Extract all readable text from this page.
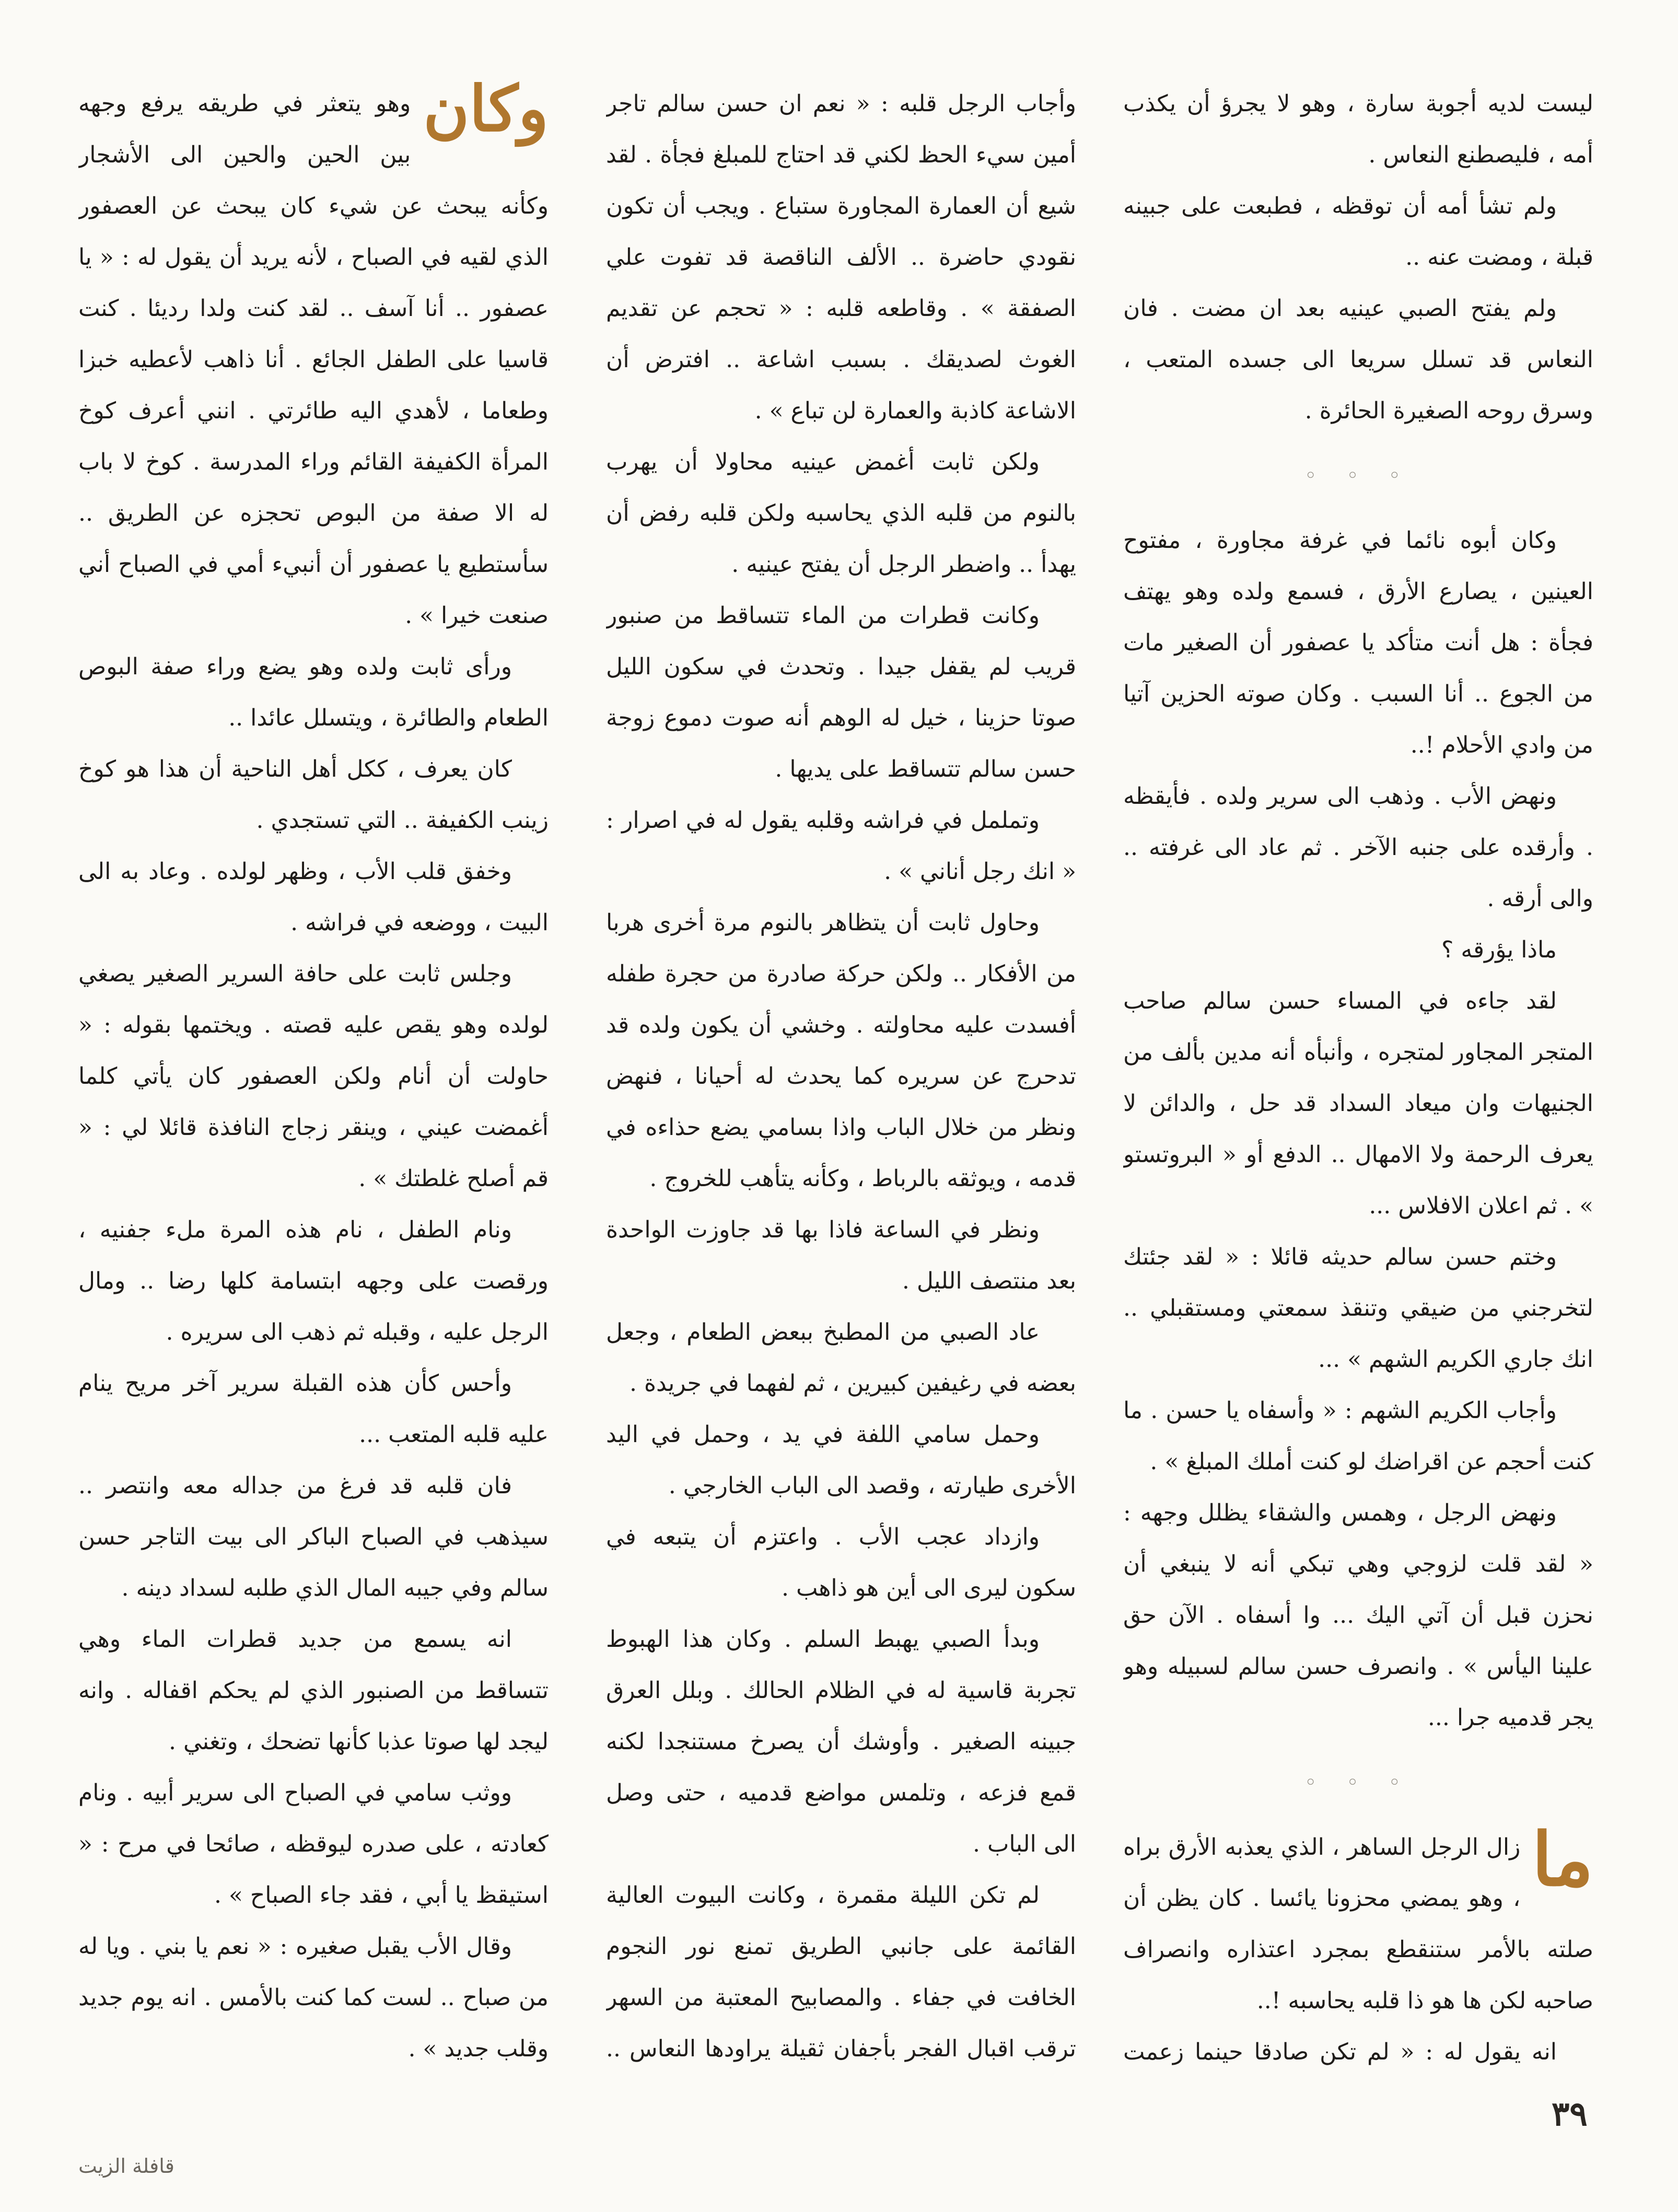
ليست لديه أجوبة سارة ، وهو لا يجرؤ أن يكذب أمه ، فليصطنع النعاس .

ولم تشأ أمه أن توقظه ، فطبعت على جبينه قبلة ، ومضت عنه ..

ولم يفتح الصبي عينيه بعد ان مضت . فان النعاس قد تسلل سريعا الى جسده المتعب ، وسرق روحه الصغيرة الحائرة .

◦ ◦ ◦

وكان أبوه نائما في غرفة مجاورة ، مفتوح العينين ، يصارع الأرق ، فسمع ولده وهو يهتف فجأة : هل أنت متأكد يا عصفور أن الصغير مات من الجوع .. أنا السبب . وكان صوته الحزين آتيا من وادي الأحلام !..

ونهض الأب . وذهب الى سرير ولده . فأيقظه . وأرقده على جنبه الآخر . ثم عاد الى غرفته .. والى أرقه .

ماذا يؤرقه ؟

لقد جاءه في المساء حسن سالم صاحب المتجر المجاور لمتجره ، وأنبأه أنه مدين بألف من الجنيهات وان ميعاد السداد قد حل ، والدائن لا يعرف الرحمة ولا الامهال .. الدفع أو « البروتستو » . ثم اعلان الافلاس ...

وختم حسن سالم حديثه قائلا : « لقد جئتك لتخرجني من ضيقي وتنقذ سمعتي ومستقبلي .. انك جاري الكريم الشهم » ...

وأجاب الكريم الشهم : « وأسفاه يا حسن . ما كنت أحجم عن اقراضك لو كنت أملك المبلغ » .

ونهض الرجل ، وهمس والشقاء يظلل وجهه : « لقد قلت لزوجي وهي تبكي أنه لا ينبغي أن نحزن قبل أن آتي اليك ... وا أسفاه . الآن حق علينا اليأس » . وانصرف حسن سالم لسبيله وهو يجر قدميه جرا ...

◦ ◦ ◦

ما
زال الرجل الساهر ، الذي يعذبه الأرق براه ، وهو يمضي محزونا يائسا . كان يظن أن صلته بالأمر ستنقطع بمجرد اعتذاره وانصراف صاحبه لكن ها هو ذا قلبه يحاسبه !..

انه يقول له : « لم تكن صادقا حينما زعمت

وأجاب الرجل قلبه : « نعم ان حسن سالم تاجر أمين سيء الحظ لكني قد احتاج للمبلغ فجأة . لقد شيع أن العمارة المجاورة ستباع . ويجب أن تكون نقودي حاضرة .. الألف الناقصة قد تفوت علي الصفقة » . وقاطعه قلبه : « تحجم عن تقديم الغوث لصديقك . بسبب اشاعة .. افترض أن الاشاعة كاذبة والعمارة لن تباع » .

ولكن ثابت أغمض عينيه محاولا أن يهرب بالنوم من قلبه الذي يحاسبه ولكن قلبه رفض أن يهدأ .. واضطر الرجل أن يفتح عينيه .

وكانت قطرات من الماء تتساقط من صنبور قريب لم يقفل جيدا . وتحدث في سكون الليل صوتا حزينا ، خيل له الوهم أنه صوت دموع زوجة حسن سالم تتساقط على يديها .

وتململ في فراشه وقلبه يقول له في اصرار : « انك رجل أناني » .

وحاول ثابت أن يتظاهر بالنوم مرة أخرى هربا من الأفكار .. ولكن حركة صادرة من حجرة طفله أفسدت عليه محاولته . وخشي أن يكون ولده قد تدحرج عن سريره كما يحدث له أحيانا ، فنهض ونظر من خلال الباب واذا بسامي يضع حذاءه في قدمه ، ويوثقه بالرباط ، وكأنه يتأهب للخروج .

ونظر في الساعة فاذا بها قد جاوزت الواحدة بعد منتصف الليل .

عاد الصبي من المطبخ ببعض الطعام ، وجعل بعضه في رغيفين كبيرين ، ثم لفهما في جريدة .

وحمل سامي اللفة في يد ، وحمل في اليد الأخرى طيارته ، وقصد الى الباب الخارجي .

وازداد عجب الأب . واعتزم أن يتبعه في سكون ليرى الى أين هو ذاهب .

وبدأ الصبي يهبط السلم . وكان هذا الهبوط تجربة قاسية له في الظلام الحالك . وبلل العرق جبينه الصغير . وأوشك أن يصرخ مستنجدا لكنه قمع فزعه ، وتلمس مواضع قدميه ، حتى وصل الى الباب .

لم تكن الليلة مقمرة ، وكانت البيوت العالية القائمة على جانبي الطريق تمنع نور النجوم الخافت في جفاء . والمصابيح المعتبة من السهر ترقب اقبال الفجر بأجفان ثقيلة يراودها النعاس ..

وكان
وهو يتعثر في طريقه يرفع وجهه بين الحين والحين الى الأشجار وكأنه يبحث عن شيء كان يبحث عن العصفور الذي لقيه في الصباح ، لأنه يريد أن يقول له : « يا عصفور .. أنا آسف .. لقد كنت ولدا رديئا . كنت قاسيا على الطفل الجائع . أنا ذاهب لأعطيه خبزا وطعاما ، لأهدي اليه طائرتي . انني أعرف كوخ المرأة الكفيفة القائم وراء المدرسة . كوخ لا باب له الا صفة من البوص تحجزه عن الطريق .. سأستطيع يا عصفور أن أنبيء أمي في الصباح أني صنعت خيرا » .

ورأى ثابت ولده وهو يضع وراء صفة البوص الطعام والطائرة ، ويتسلل عائدا ..

كان يعرف ، ككل أهل الناحية أن هذا هو كوخ زينب الكفيفة .. التي تستجدي .

وخفق قلب الأب ، وظهر لولده . وعاد به الى البيت ، ووضعه في فراشه .

وجلس ثابت على حافة السرير الصغير يصغي لولده وهو يقص عليه قصته . ويختمها بقوله : « حاولت أن أنام ولكن العصفور كان يأتي كلما أغمضت عيني ، وينقر زجاج النافذة قائلا لي : « قم أصلح غلطتك » .

ونام الطفل ، نام هذه المرة ملء جفنيه ، ورقصت على وجهه ابتسامة كلها رضا .. ومال الرجل عليه ، وقبله ثم ذهب الى سريره .

وأحس كأن هذه القبلة سرير آخر مريح ينام عليه قلبه المتعب ...

فان قلبه قد فرغ من جداله معه وانتصر .. سيذهب في الصباح الباكر الى بيت التاجر حسن سالم وفي جيبه المال الذي طلبه لسداد دينه .

انه يسمع من جديد قطرات الماء وهي تتساقط من الصنبور الذي لم يحكم اقفاله . وانه ليجد لها صوتا عذبا كأنها تضحك ، وتغني .

ووثب سامي في الصباح الى سرير أبيه . ونام كعادته ، على صدره ليوقظه ، صائحا في مرح : « استيقظ يا أبي ، فقد جاء الصباح » .

وقال الأب يقبل صغيره : « نعم يا بني . ويا له من صباح .. لست كما كنت بالأمس . انه يوم جديد وقلب جديد » .

٣٩
قافلة الزيت
